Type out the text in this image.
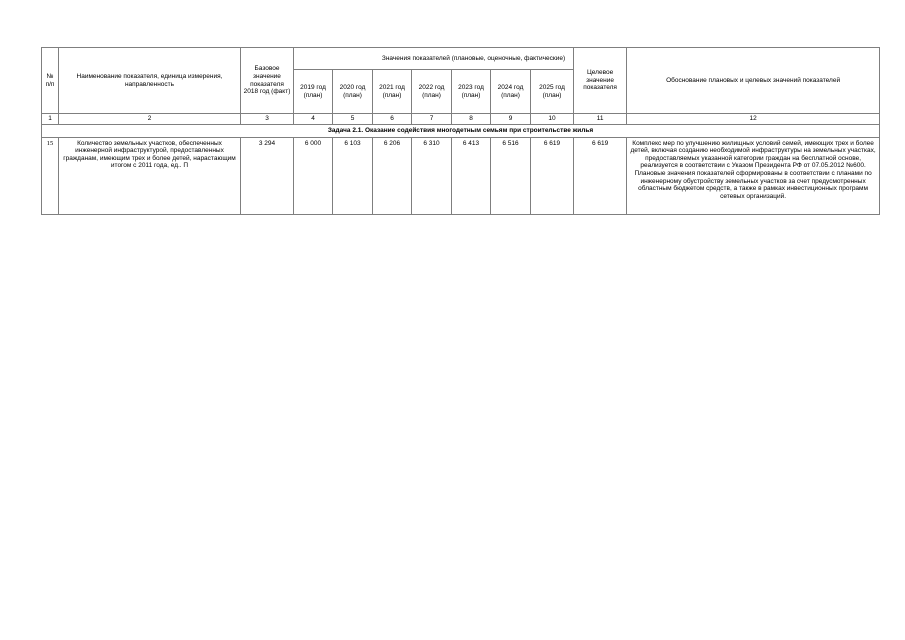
№ п/п	Наименование показателя, единица измерения, направленность	Базовое значение показателя 2018 год (факт)	Значения показателей (плановые, оценочные, фактические)							Целевое значение показателя	Обоснование плановых и целевых значений показателей
			2019 год (план)	2020 год (план)	2021 год (план)	2022 год (план)	2023 год (план)	2024 год (план)	2025 год (план)		
1	2	3	4	5	6	7	8	9	10	11	12
Задача 2.1. Оказание содействия многодетным семьям при строительстве жилья											
15	Количество земельных участков, обеспеченных инженерной инфраструктурой, предоставленных гражданам, имеющим трех и более детей, нарастающим итогом с 2011 года, ед.. П	3 294	6 000	6 103	6 206	6 310	6 413	6 516	6 619	6 619	Комплекс мер по улучшению жилищных условий семей, имеющих трех и более детей, включая созданию необходимой инфраструктуры на земельных участках, предоставляемых указанной категории граждан на бесплатной основе, реализуется в соответствии с Указом Президента РФ от 07.05.2012 №600. Плановые значения показателей сформированы в соответствии с планами по инженерному обустройству земельных участков за счет предусмотренных областным бюджетом средств, а также в рамках инвестиционных программ сетевых организаций.
